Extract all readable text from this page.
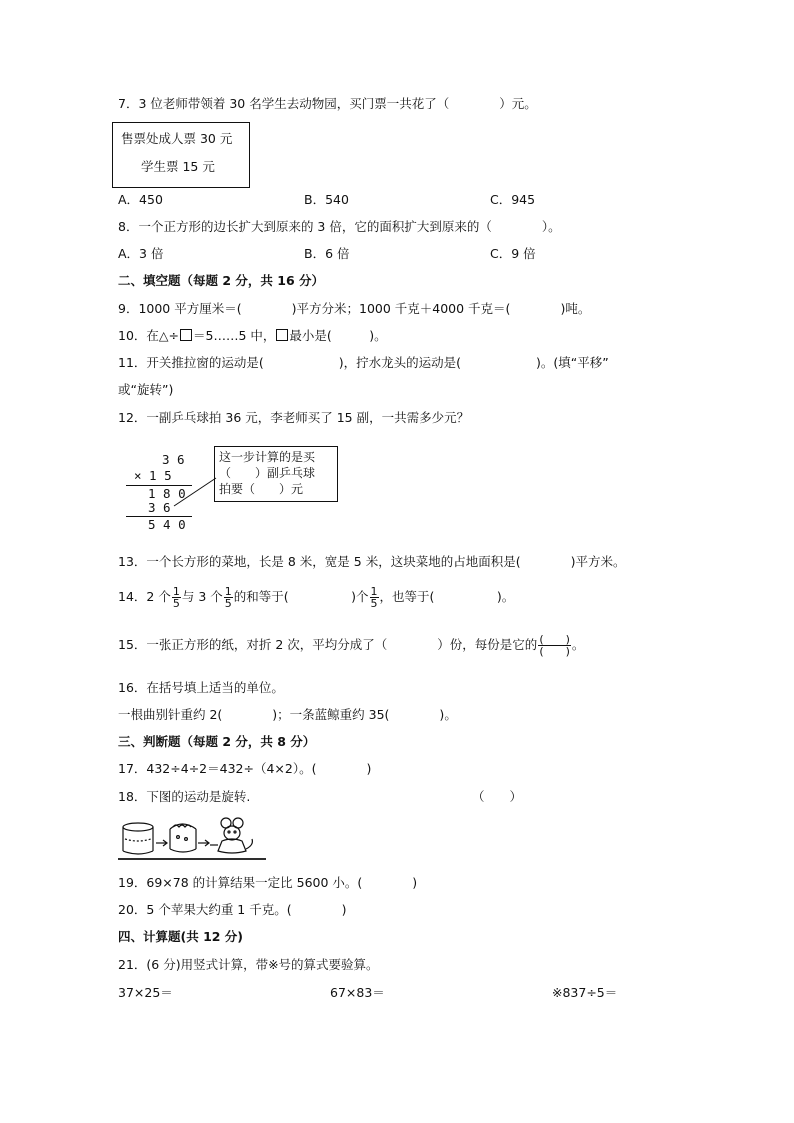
7．3 位老师带领着 30 名学生去动物园，买门票一共花了（　　　　）元。
售票处成人票 30 元
学生票 15 元
A．450	B．540	C．945
8．一个正方形的边长扩大到原来的 3 倍，它的面积扩大到原来的（　　　　）。
A．3 倍	B．6 倍	C．9 倍
二、填空题（每题 2 分，共 16 分）
9．1000 平方厘米＝(　　　　)平方分米；1000 千克＋4000 千克＝(　　　　)吨。
10．在△÷ ＝5……5 中， 最小是(　　　)。
11．开关推拉窗的运动是(　　　　　　)，拧水龙头的运动是(　　　　　　)。(填“平移”
或“旋转”)
12．一副乒乓球拍 36 元，李老师买了 15 副，一共需多少元？
3 6
× 1 5
1 8 0
3 6
5 4 0
这一步计算的是买
（　　）副乒乓球
拍要（　　）元
13．一个长方形的菜地，长是 8 米，宽是 5 米，这块菜地的占地面积是(　　　　)平方米。
14．2 个 $\frac{1}{5}$ 与 3 个 $\frac{1}{5}$ 的和等于(　　　　　)个 $\frac{1}{5}$ ，也等于(　　　　　)。
15．一张正方形的纸，对折 2 次，平均分成了（　　　　）份，每份是它的 $\frac{( )}{( )}$ 。
16．在括号填上适当的单位。
一根曲别针重约 2(　　　　)；一条蓝鲸重约 35(　　　　)。
三、判断题（每题 2 分，共 8 分）
17．432÷4÷2＝432÷（4×2）。(　　　　)
18．下图的运动是旋转.	（　　）
19．69×78 的计算结果一定比 5600 小。(　　　　)
20．5 个苹果大约重 1 千克。(　　　　)
四、计算题(共 12 分)
21．(6 分)用竖式计算，带※号的算式要验算。
37×25＝	67×83＝	※837÷5＝
